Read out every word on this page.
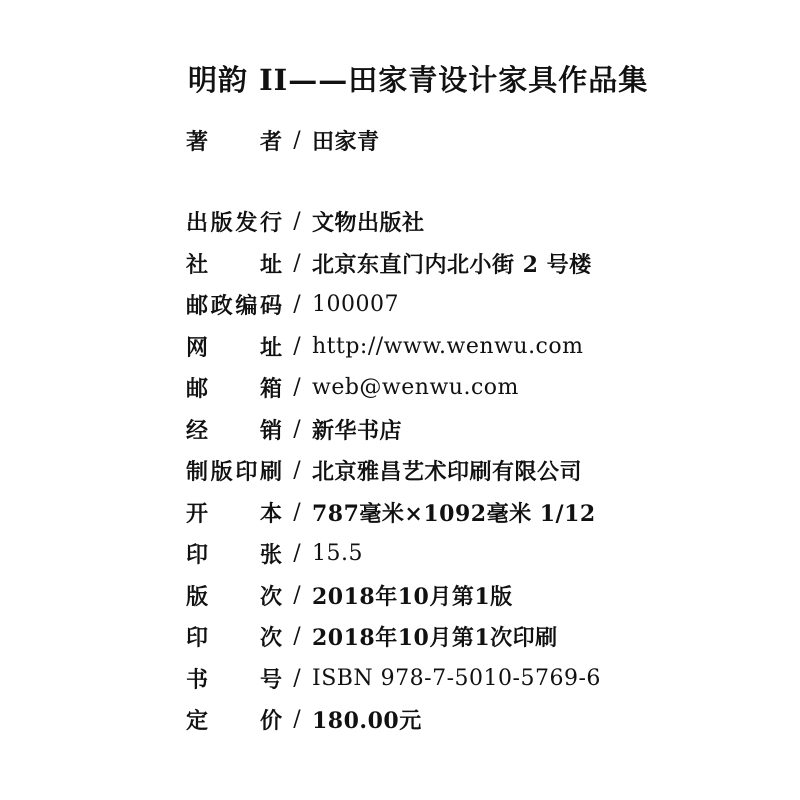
明韵 II——田家青设计家具作品集
著 者 / 田家青
出 版 发 行 / 文物出版社
社 址 / 北京东直门内北小街 2 号楼
邮 政 编 码 / 100007
网 址 / http://www.wenwu.com
邮 箱 / web@wenwu.com
经 销 / 新华书店
制 版 印 刷 / 北京雅昌艺术印刷有限公司
开 本 / 787毫米×1092毫米 1/12
印 张 / 15.5
版 次 / 2018年10月第1版
印 次 / 2018年10月第1次印刷
书 号 / ISBN 978-7-5010-5769-6
定 价 / 180.00元
